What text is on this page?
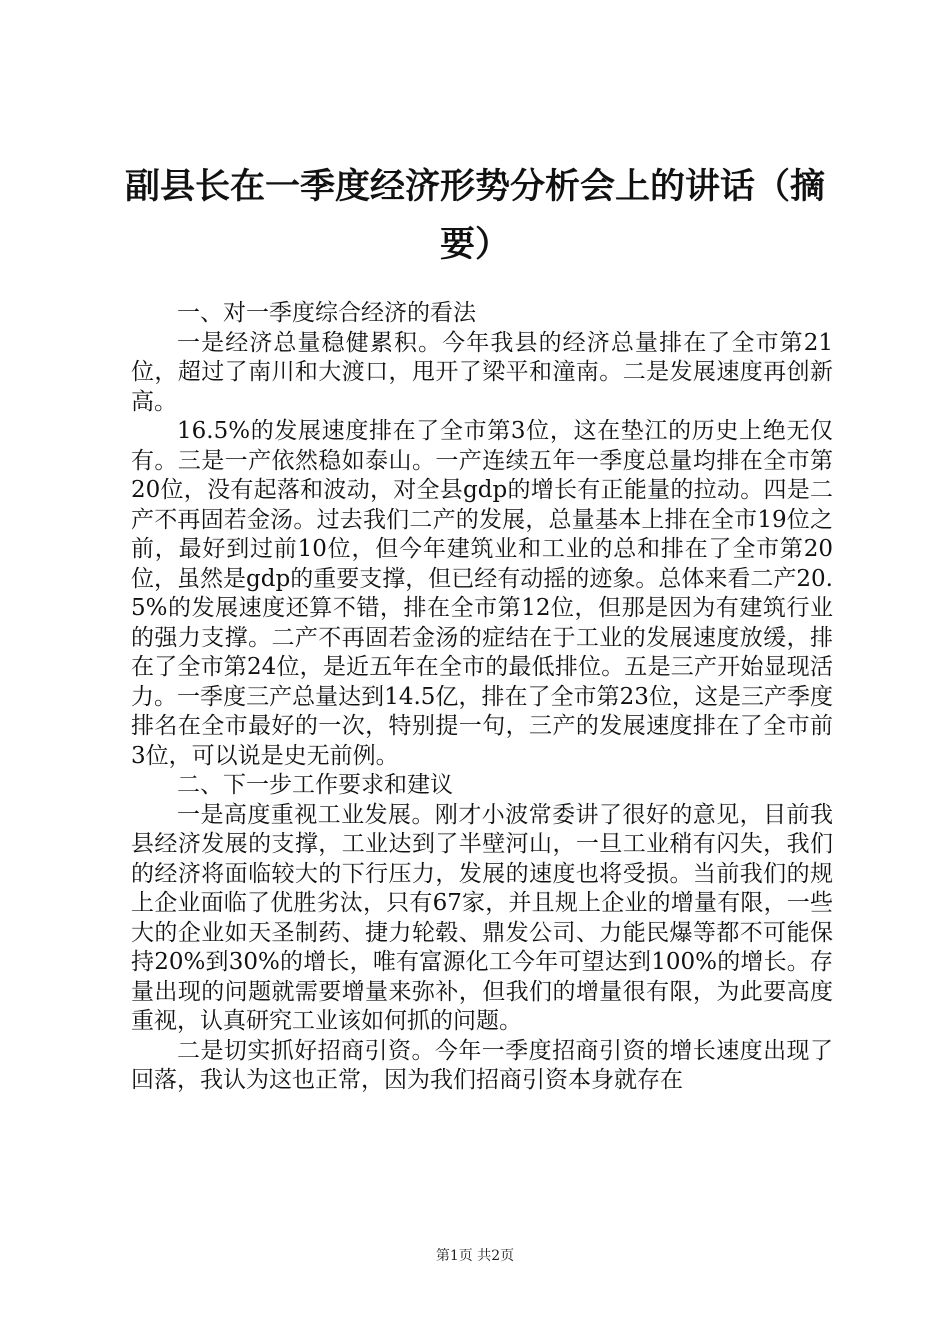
副县长在一季度经济形势分析会上的讲话（摘要）

一、对一季度综合经济的看法

一是经济总量稳健累积。今年我县的经济总量排在了全市第21位，超过了南川和大渡口，甩开了梁平和潼南。二是发展速度再创新高。

16.5%的发展速度排在了全市第3位，这在垫江的历史上绝无仅有。三是一产依然稳如泰山。一产连续五年一季度总量均排在全市第20位，没有起落和波动，对全县gdp的增长有正能量的拉动。四是二产不再固若金汤。过去我们二产的发展，总量基本上排在全市19位之前，最好到过前10位，但今年建筑业和工业的总和排在了全市第20位，虽然是gdp的重要支撑，但已经有动摇的迹象。总体来看二产20.5%的发展速度还算不错，排在全市第12位，但那是因为有建筑行业的强力支撑。二产不再固若金汤的症结在于工业的发展速度放缓，排在了全市第24位，是近五年在全市的最低排位。五是三产开始显现活力。一季度三产总量达到14.5亿，排在了全市第23位，这是三产季度排名在全市最好的一次，特别提一句，三产的发展速度排在了全市前3位，可以说是史无前例。

二、下一步工作要求和建议

一是高度重视工业发展。刚才小波常委讲了很好的意见，目前我县经济发展的支撑，工业达到了半壁河山，一旦工业稍有闪失，我们的经济将面临较大的下行压力，发展的速度也将受损。当前我们的规上企业面临了优胜劣汰，只有67家，并且规上企业的增量有限，一些大的企业如天圣制药、捷力轮毂、鼎发公司、力能民爆等都不可能保持20%到30%的增长，唯有富源化工今年可望达到100%的增长。存量出现的问题就需要增量来弥补，但我们的增量很有限，为此要高度重视，认真研究工业该如何抓的问题。

二是切实抓好招商引资。今年一季度招商引资的增长速度出现了回落，我认为这也正常，因为我们招商引资本身就存在

第1页 共2页
